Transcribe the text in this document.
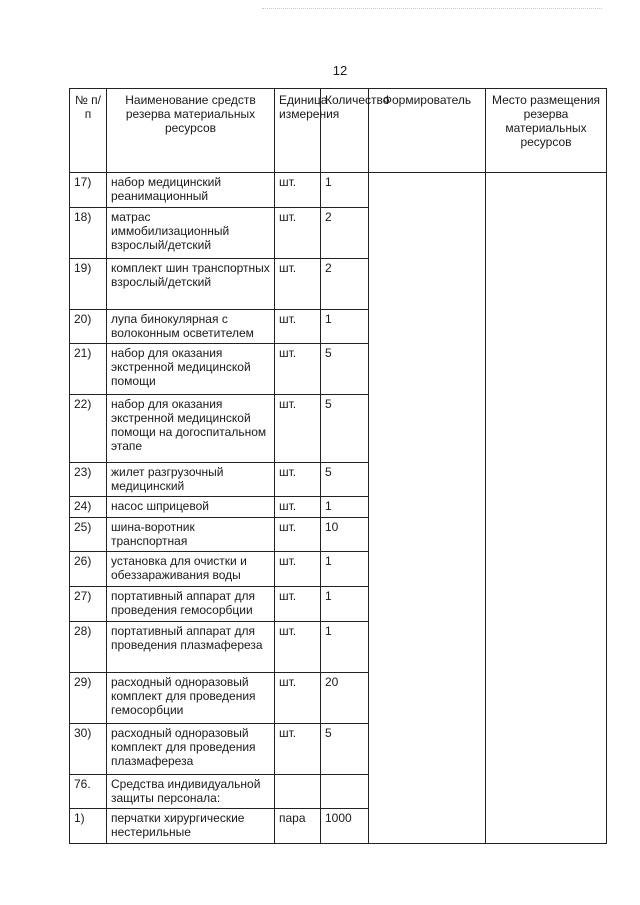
12
№ п/п	Наименование средств резерва материальных ресурсов	Единица измерения	Количество	Формирователь	Место размещения резерва материальных ресурсов
17)	набор медицинский реанимационный	шт.	1		
18)	матрас иммобилизационный взрослый/детский	шт.	2		
19)	комплект шин транспортных взрослый/детский	шт.	2		
20)	лупа бинокулярная с волоконным осветителем	шт.	1		
21)	набор для оказания экстренной медицинской помощи	шт.	5		
22)	набор для оказания экстренной медицинской помощи на догоспитальном этапе	шт.	5		
23)	жилет разгрузочный медицинский	шт.	5		
24)	насос шприцевой	шт.	1		
25)	шина-воротник транспортная	шт.	10		
26)	установка для очистки и обеззараживания воды	шт.	1		
27)	портативный аппарат для проведения гемосорбции	шт.	1		
28)	портативный аппарат для проведения плазмафереза	шт.	1		
29)	расходный одноразовый комплект для проведения гемосорбции	шт.	20		
30)	расходный одноразовый комплект для проведения плазмафереза	шт.	5		
76.	Средства индивидуальной защиты персонала:				
1)	перчатки хирургические нестерильные	пара	1000		
